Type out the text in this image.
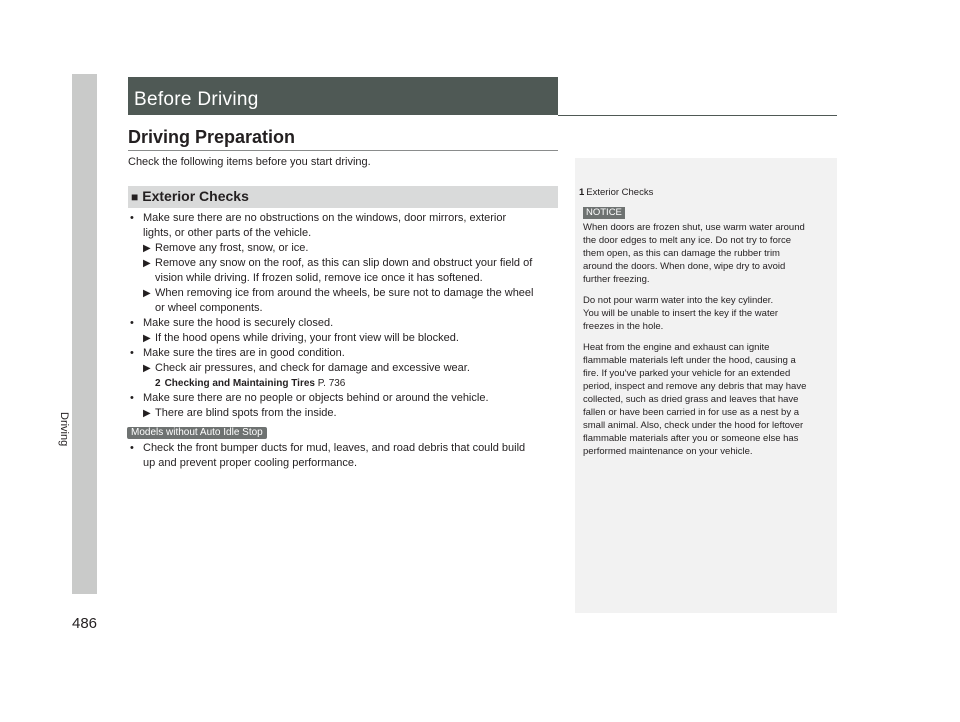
Driving
486
Before Driving
Driving Preparation
Check the following items before you start driving.
■ Exterior Checks
• Make sure there are no obstructions on the windows, door mirrors, exterior
lights, or other parts of the vehicle.
▶ Remove any frost, snow, or ice.
▶ Remove any snow on the roof, as this can slip down and obstruct your field of
vision while driving. If frozen solid, remove ice once it has softened.
▶ When removing ice from around the wheels, be sure not to damage the wheel
or wheel components.
• Make sure the hood is securely closed.
▶ If the hood opens while driving, your front view will be blocked.
• Make sure the tires are in good condition.
▶ Check air pressures, and check for damage and excessive wear.
2 Checking and Maintaining Tires P. 736
• Make sure there are no people or objects behind or around the vehicle.
▶ There are blind spots from the inside.
Models without Auto Idle Stop
• Check the front bumper ducts for mud, leaves, and road debris that could build
up and prevent proper cooling performance.
1 Exterior Checks
NOTICE

When doors are frozen shut, use warm water around
the door edges to melt any ice. Do not try to force
them open, as this can damage the rubber trim
around the doors. When done, wipe dry to avoid
further freezing.

Do not pour warm water into the key cylinder.
You will be unable to insert the key if the water
freezes in the hole.

Heat from the engine and exhaust can ignite
flammable materials left under the hood, causing a
fire. If you've parked your vehicle for an extended
period, inspect and remove any debris that may have
collected, such as dried grass and leaves that have
fallen or have been carried in for use as a nest by a
small animal. Also, check under the hood for leftover
flammable materials after you or someone else has
performed maintenance on your vehicle.
